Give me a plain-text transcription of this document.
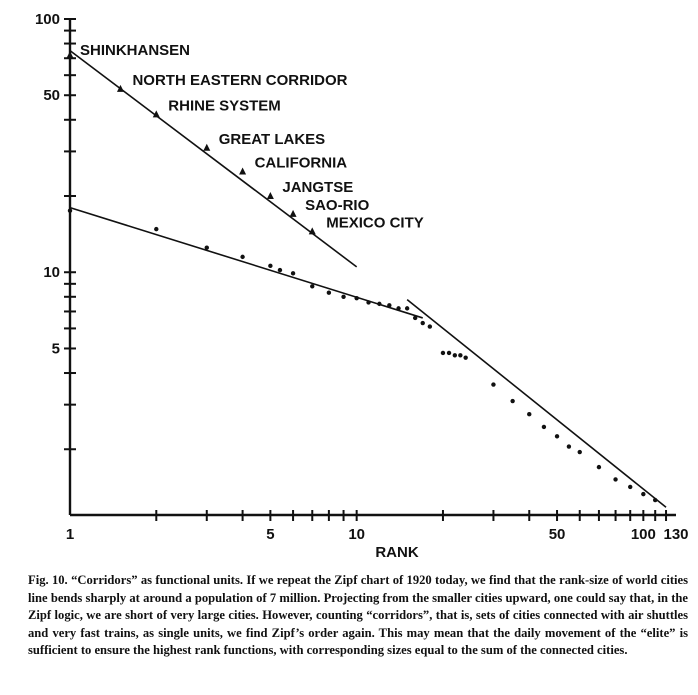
100
50
10
5
1	5	10	50	100 130
SHINKHANSEN
NORTH EASTERN CORRIDOR
RHINE SYSTEM
GREAT LAKES
CALIFORNIA
JANGTSE
SAO-RIO
MEXICO CITY
RANK
Fig. 10. “Corridors” as functional units. If we repeat the Zipf chart of 1920 today, we find that the rank-size of world cities line bends sharply at around a population of 7 million. Projecting from the smaller cities upward, one could say that, in the Zipf logic, we are short of very large cities. However, counting “corridors”, that is, sets of cities connected with air shuttles and very fast trains, as single units, we find Zipf’s order again. This may mean that the daily movement of the “elite” is sufficient to ensure the highest rank functions, with corresponding sizes equal to the sum of the connected cities.
